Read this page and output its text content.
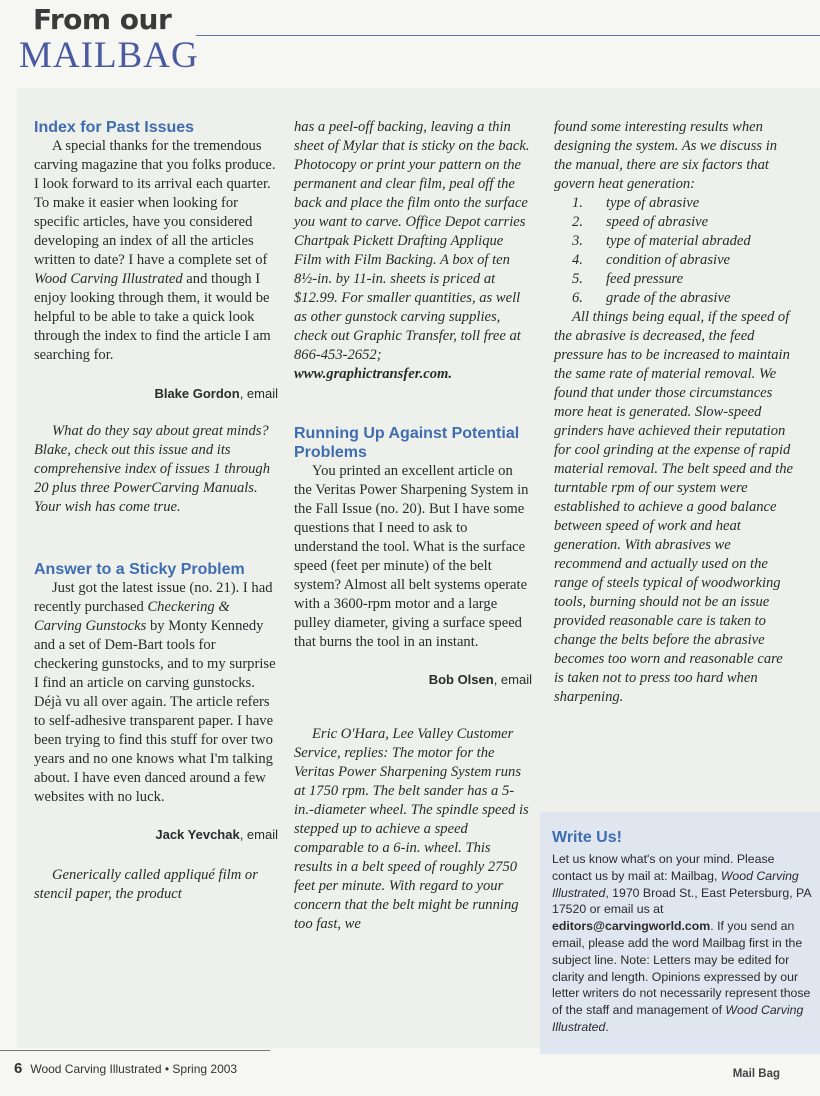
From our
MAILBAG

Index for Past Issues

A special thanks for the tremendous carving magazine that you folks produce. I look forward to its arrival each quarter. To make it easier when looking for specific articles, have you considered developing an index of all the articles written to date? I have a complete set of Wood Carving Illustrated and though I enjoy looking through them, it would be helpful to be able to take a quick look through the index to find the article I am searching for.

Blake Gordon, email

What do they say about great minds? Blake, check out this issue and its comprehensive index of issues 1 through 20 plus three PowerCarving Manuals. Your wish has come true.

Answer to a Sticky Problem

Just got the latest issue (no. 21). I had recently purchased Checkering & Carving Gunstocks by Monty Kennedy and a set of Dem-Bart tools for checkering gunstocks, and to my surprise I find an article on carving gunstocks. Déjà vu all over again. The article refers to self-adhesive transparent paper. I have been trying to find this stuff for over two years and no one knows what I'm talking about. I have even danced around a few websites with no luck.

Jack Yevchak, email

Generically called appliqué film or stencil paper, the product

has a peel-off backing, leaving a thin sheet of Mylar that is sticky on the back. Photocopy or print your pattern on the permanent and clear film, peal off the back and place the film onto the surface you want to carve. Office Depot carries Chartpak Pickett Drafting Applique Film with Film Backing. A box of ten 8½-in. by 11-in. sheets is priced at $12.99. For smaller quantities, as well as other gunstock carving supplies, check out Graphic Transfer, toll free at 866-453-2652; www.graphictransfer.com.

Running Up Against Potential Problems

You printed an excellent article on the Veritas Power Sharpening System in the Fall Issue (no. 20). But I have some questions that I need to ask to understand the tool. What is the surface speed (feet per minute) of the belt system? Almost all belt systems operate with a 3600-rpm motor and a large pulley diameter, giving a surface speed that burns the tool in an instant.

Bob Olsen, email

Eric O'Hara, Lee Valley Customer Service, replies: The motor for the Veritas Power Sharpening System runs at 1750 rpm. The belt sander has a 5-in.-diameter wheel. The spindle speed is stepped up to achieve a speed comparable to a 6-in. wheel. This results in a belt speed of roughly 2750 feet per minute. With regard to your concern that the belt might be running too fast, we

found some interesting results when designing the system. As we discuss in the manual, there are six factors that govern heat generation:

1. type of abrasive
2. speed of abrasive
3. type of material abraded
4. condition of abrasive
5. feed pressure
6. grade of the abrasive

All things being equal, if the speed of the abrasive is decreased, the feed pressure has to be increased to maintain the same rate of material removal. We found that under those circumstances more heat is generated. Slow-speed grinders have achieved their reputation for cool grinding at the expense of rapid material removal. The belt speed and the turntable rpm of our system were established to achieve a good balance between speed of work and heat generation. With abrasives we recommend and actually used on the range of steels typical of woodworking tools, burning should not be an issue provided reasonable care is taken to change the belts before the abrasive becomes too worn and reasonable care is taken not to press too hard when sharpening.

Write Us!

Let us know what's on your mind. Please contact us by mail at: Mailbag, Wood Carving Illustrated, 1970 Broad St., East Petersburg, PA 17520 or email us at editors@carvingworld.com. If you send an email, please add the word Mailbag first in the subject line. Note: Letters may be edited for clarity and length. Opinions expressed by our letter writers do not necessarily represent those of the staff and management of Wood Carving Illustrated.
6 Wood Carving Illustrated • Spring 2003	Mail Bag
